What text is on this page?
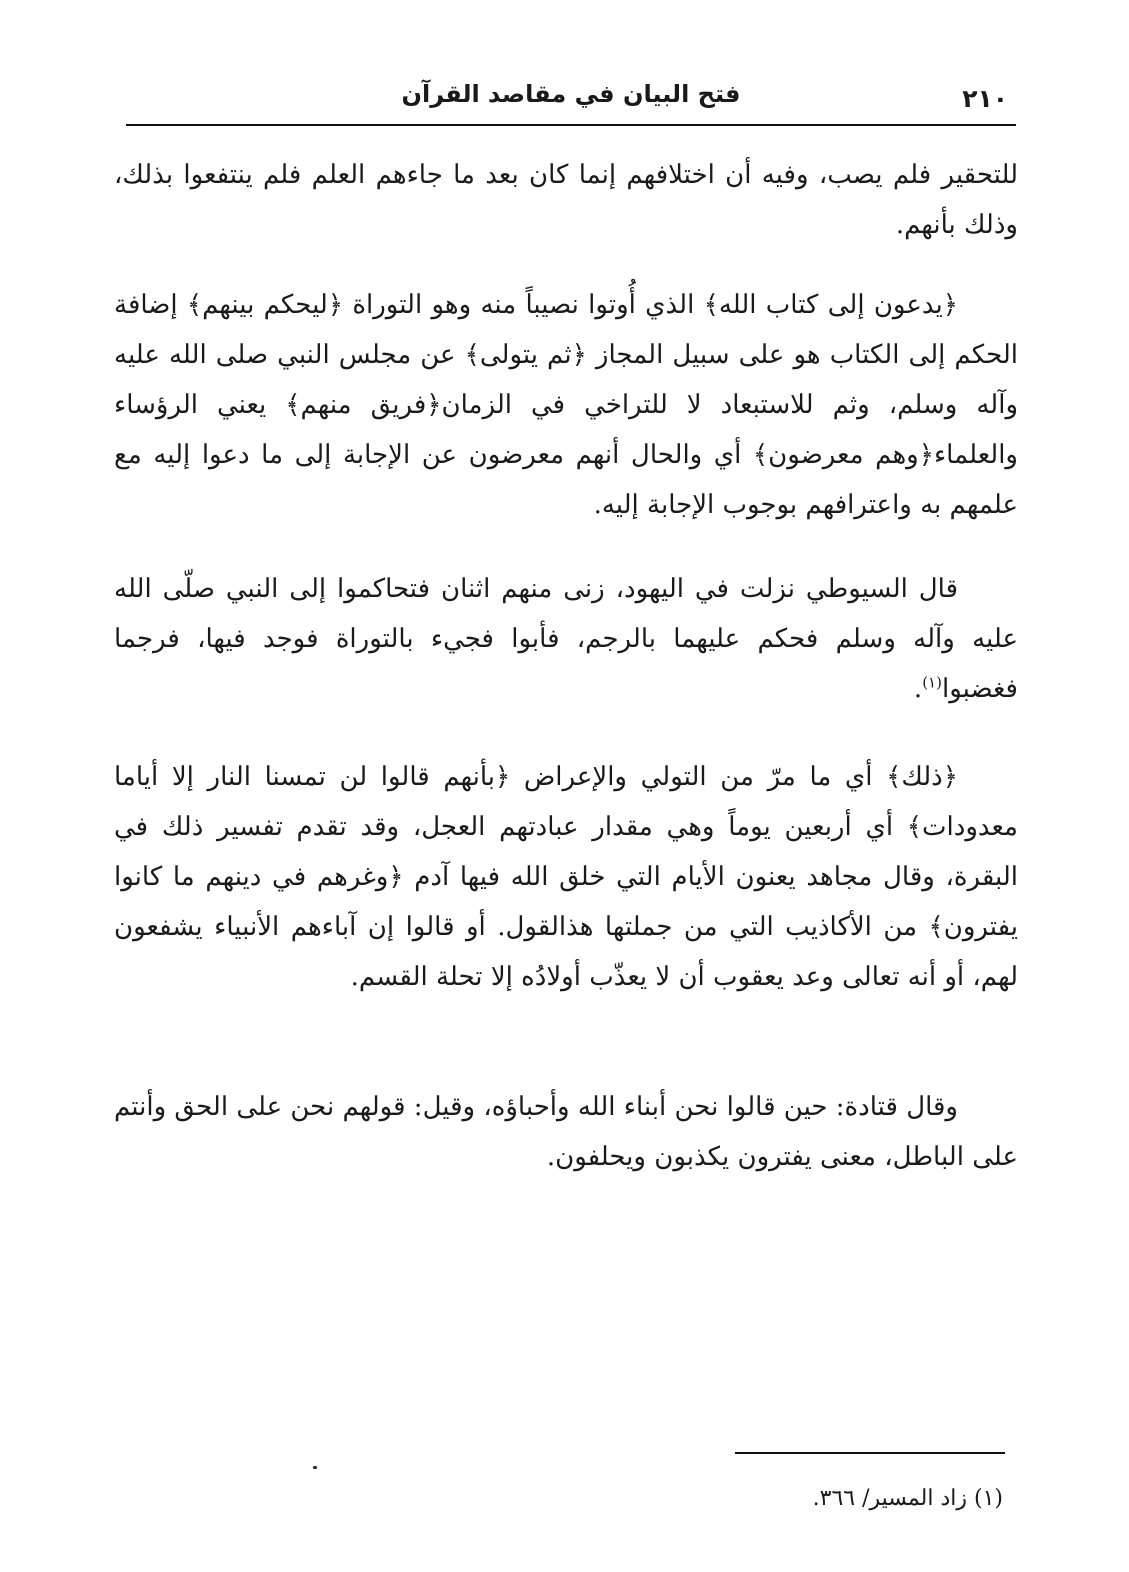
٢١٠
فتح البيان في مقاصد القرآن

للتحقير فلم يصب، وفيه أن اختلافهم إنما كان بعد ما جاءهم العلم فلم ينتفعوا بذلك، وذلك بأنهم.

﴿يدعون إلى كتاب الله﴾ الذي أُوتوا نصيباً منه وهو التوراة ﴿ليحكم بينهم﴾ إضافة الحكم إلى الكتاب هو على سبيل المجاز ﴿ثم يتولى﴾ عن مجلس النبي صلى الله عليه وآله وسلم، وثم للاستبعاد لا للتراخي في الزمان﴿فريق منهم﴾ يعني الرؤساء والعلماء﴿وهم معرضون﴾ أي والحال أنهم معرضون عن الإجابة إلى ما دعوا إليه مع علمهم به واعترافهم بوجوب الإجابة إليه.

قال السيوطي نزلت في اليهود، زنى منهم اثنان فتحاكموا إلى النبي صلّى الله عليه وآله وسلم فحكم عليهما بالرجم، فأبوا فجيء بالتوراة فوجد فيها، فرجما فغضبوا$^{(١)}$.

﴿ذلك﴾ أي ما مرّ من التولي والإعراض ﴿بأنهم قالوا لن تمسنا النار إلا أياما معدودات﴾ أي أربعين يوماً وهي مقدار عبادتهم العجل، وقد تقدم تفسير ذلك في البقرة، وقال مجاهد يعنون الأيام التي خلق الله فيها آدم ﴿وغرهم في دينهم ما كانوا يفترون﴾ من الأكاذيب التي من جملتها هذالقول. أو قالوا إن آباءهم الأنبياء يشفعون لهم، أو أنه تعالى وعد يعقوب أن لا يعذّب أولادُه إلا تحلة القسم.

وقال قتادة: حين قالوا نحن أبناء الله وأحباؤه، وقيل: قولهم نحن على الحق وأنتم على الباطل، معنى يفترون يكذبون ويحلفون.

(١) زاد المسير/ ٣٦٦.
